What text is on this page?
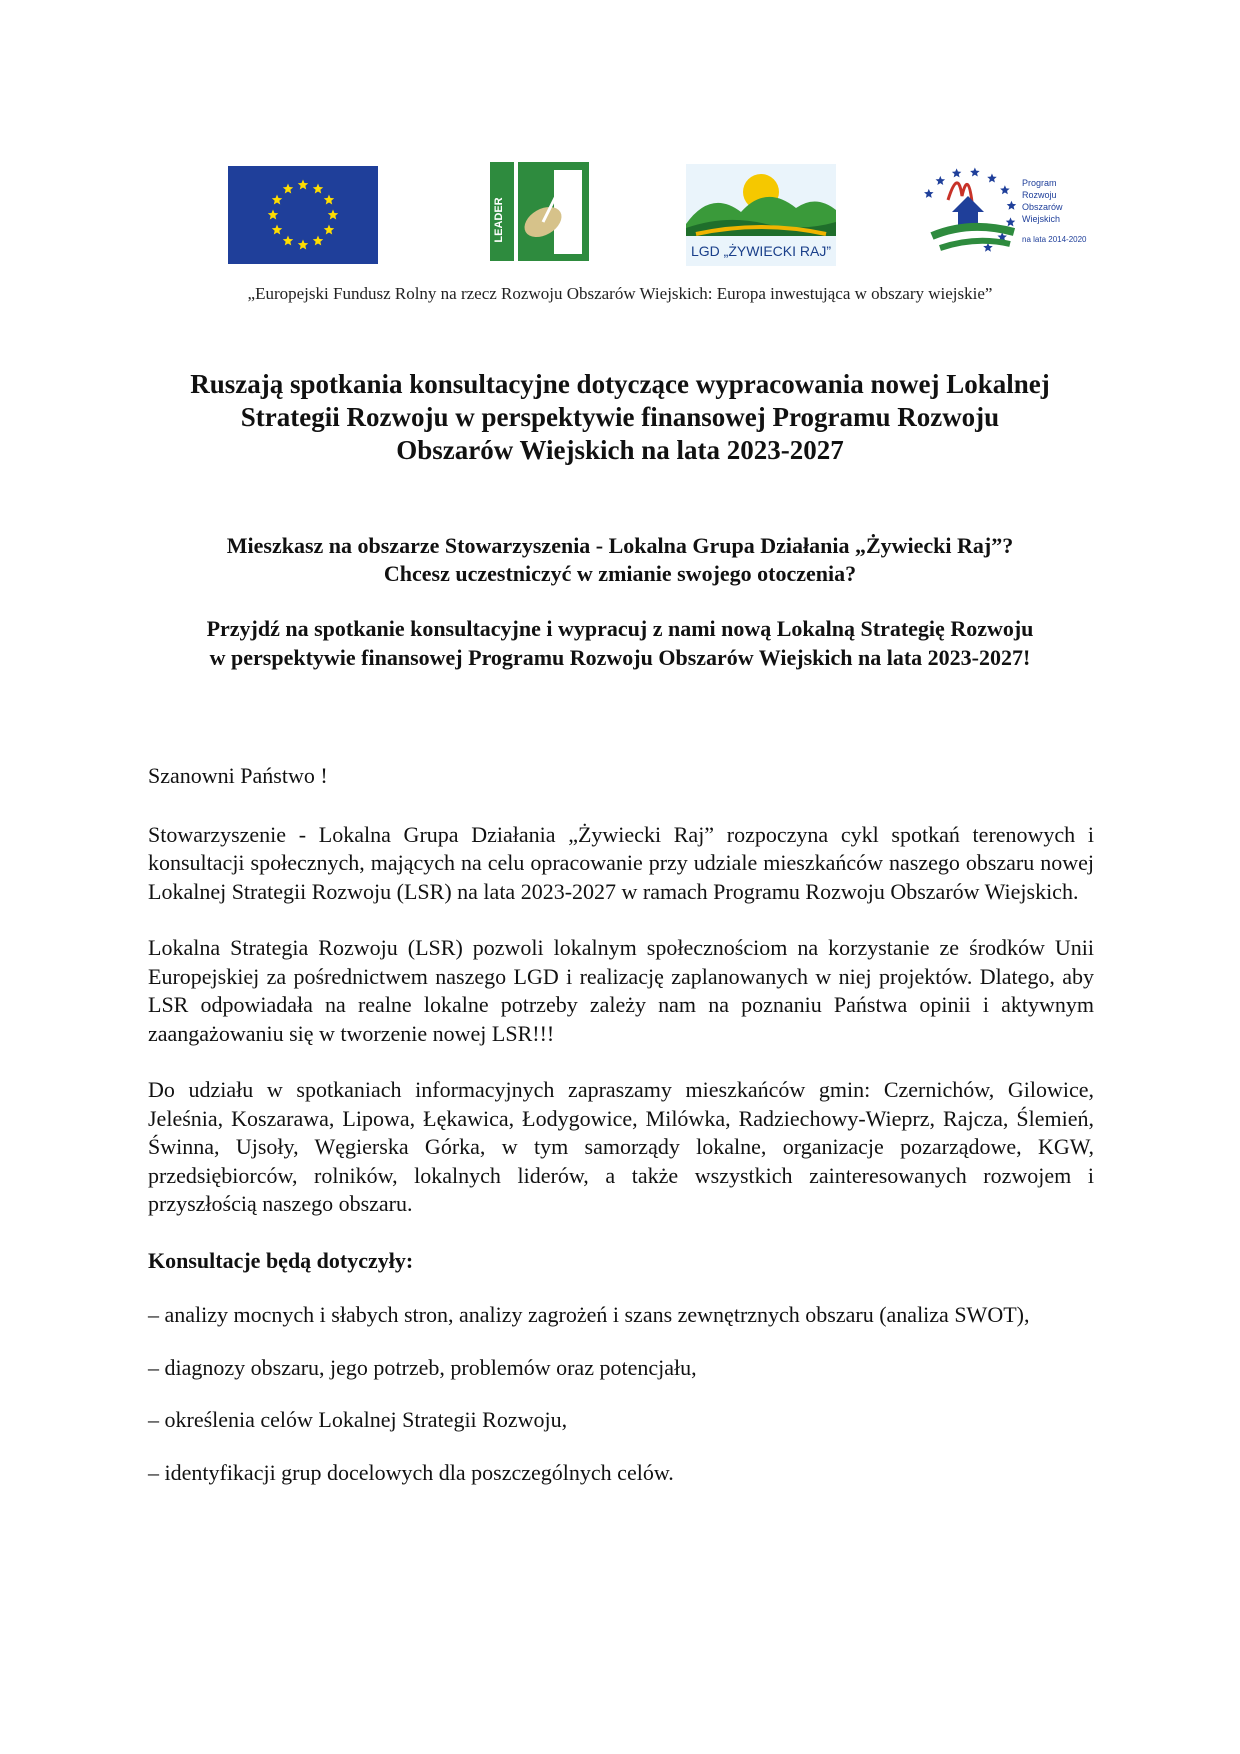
LEADER
LGD „ŻYWIECKI RAJ”
Program
Rozwoju
Obszarów
Wiejskich
na lata 2014-2020
„Europejski Fundusz Rolny na rzecz Rozwoju Obszarów Wiejskich: Europa inwestująca w obszary wiejskie”
Ruszają spotkania konsultacyjne dotyczące wypracowania nowej Lokalnej
Strategii Rozwoju w perspektywie finansowej Programu Rozwoju
Obszarów Wiejskich na lata 2023-2027
Mieszkasz na obszarze Stowarzyszenia - Lokalna Grupa Działania „Żywiecki Raj”?
Chcesz uczestniczyć w zmianie swojego otoczenia?
Przyjdź na spotkanie konsultacyjne i wypracuj z nami nową Lokalną Strategię Rozwoju
w perspektywie finansowej Programu Rozwoju Obszarów Wiejskich na lata 2023-2027!

Szanowni Państwo !

Stowarzyszenie - Lokalna Grupa Działania „Żywiecki Raj” rozpoczyna cykl spotkań terenowych i konsultacji społecznych, mających na celu opracowanie przy udziale mieszkańców naszego obszaru nowej Lokalnej Strategii Rozwoju (LSR) na lata 2023-2027 w ramach Programu Rozwoju Obszarów Wiejskich.

Lokalna Strategia Rozwoju (LSR) pozwoli lokalnym społecznościom na korzystanie ze środków Unii Europejskiej za pośrednictwem naszego LGD i realizację zaplanowanych w niej projektów. Dlatego, aby LSR odpowiadała na realne lokalne potrzeby zależy nam na poznaniu Państwa opinii i aktywnym zaangażowaniu się w tworzenie nowej LSR!!!

Do udziału w spotkaniach informacyjnych zapraszamy mieszkańców gmin: Czernichów, Gilowice, Jeleśnia, Koszarawa, Lipowa, Łękawica, Łodygowice, Milówka, Radziechowy-Wieprz, Rajcza, Ślemień, Świnna, Ujsoły, Węgierska Górka, w tym samorządy lokalne, organizacje pozarządowe, KGW, przedsiębiorców, rolników, lokalnych liderów, a także wszystkich zainteresowanych rozwojem i przyszłością naszego obszaru.

Konsultacje będą dotyczyły:

– analizy mocnych i słabych stron, analizy zagrożeń i szans zewnętrznych obszaru (analiza SWOT),

– diagnozy obszaru, jego potrzeb, problemów oraz potencjału,

– określenia celów Lokalnej Strategii Rozwoju,

– identyfikacji grup docelowych dla poszczególnych celów.
